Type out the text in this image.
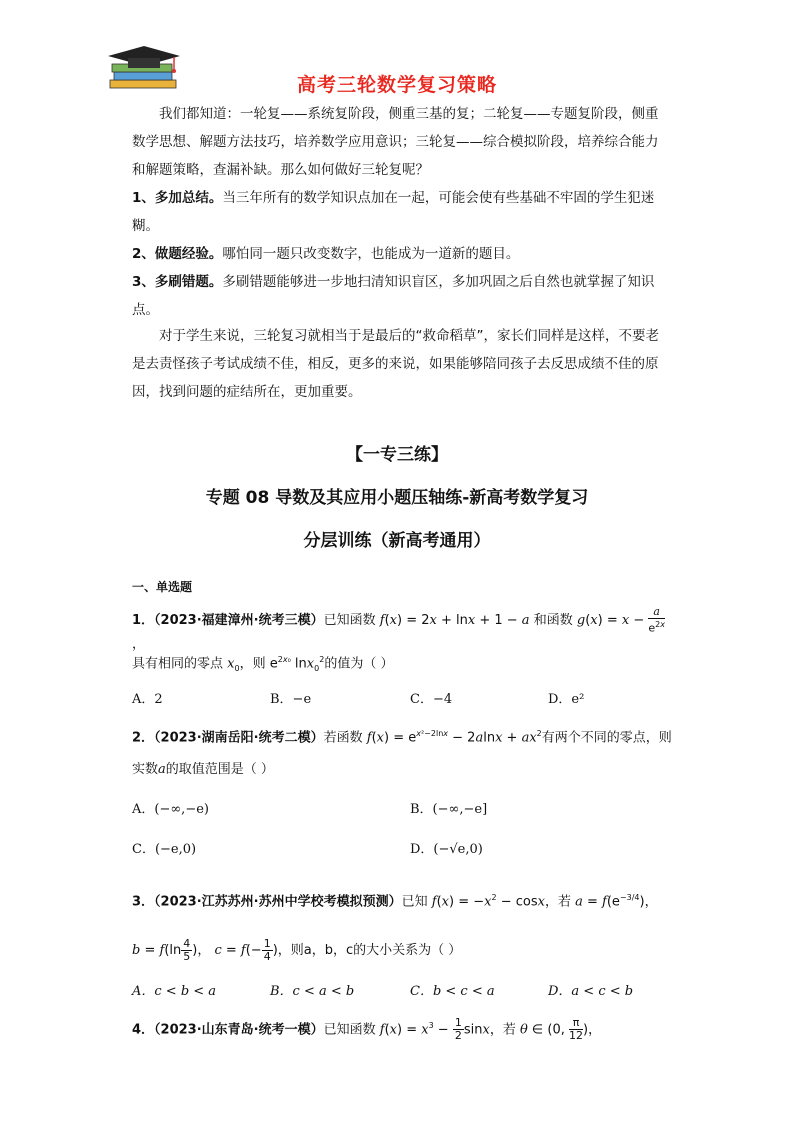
高考三轮数学复习策略
我们都知道：一轮复——系统复阶段，侧重三基的复；二轮复——专题复阶段，侧重数学思想、解题方法技巧，培养数学应用意识；三轮复——综合模拟阶段，培养综合能力和解题策略，查漏补缺。那么如何做好三轮复呢？
1、多加总结。当三年所有的数学知识点加在一起，可能会使有些基础不牢固的学生犯迷糊。
2、做题经验。哪怕同一题只改变数字，也能成为一道新的题目。
3、多刷错题。多刷错题能够进一步地扫清知识盲区，多加巩固之后自然也就掌握了知识点。
对于学生来说，三轮复习就相当于是最后的“救命稻草”，家长们同样是这样，不要老是去责怪孩子考试成绩不佳，相反，更多的来说，如果能够陪同孩子去反思成绩不佳的原因，找到问题的症结所在，更加重要。
【一专三练】
专题 08 导数及其应用小题压轴练-新高考数学复习
分层训练（新高考通用）
一、单选题
1．（2023·福建漳州·统考三模）已知函数 f(x) = 2x + lnx + 1 − a 和函数 $g(x) = x - \frac{a}{e^{2x}}$
，
具有相同的零点 $x_0$，则 $e^{2x_0}$ lnx$_0^2$的值为（ ）
A．2	B．−e	C．−4	D．e²
2．（2023·湖南岳阳·统考二模）若函数 $f(x) = e^{x^2-2lnx} - 2alnx + ax^2$有两个不同的零点，则
实数a的取值范围是（ ）
A．(−∞,−e)	B．(−∞,−e]
C．(−e,0)	D．(−√e,0)
3．（2023·江苏苏州·苏州中学校考模拟预测）已知 $f(x) = -x^2 - \cos x$，若 $a = f(e^{-3/4})$，
$b = f(\ln \frac{4}{5}$ )， $c = f(- \frac{1}{4}$ )，则a，b，c的大小关系为（ ）
A．c < b < a	B．c < a < b	C．b < c < a	D．a < c < b
4．（2023·山东青岛·统考一模）已知函数 $f(x) = x^3 - \frac{1}{2}$ sinx，若 θ ∈ (0, $\frac{\pi}{12}$ )，
